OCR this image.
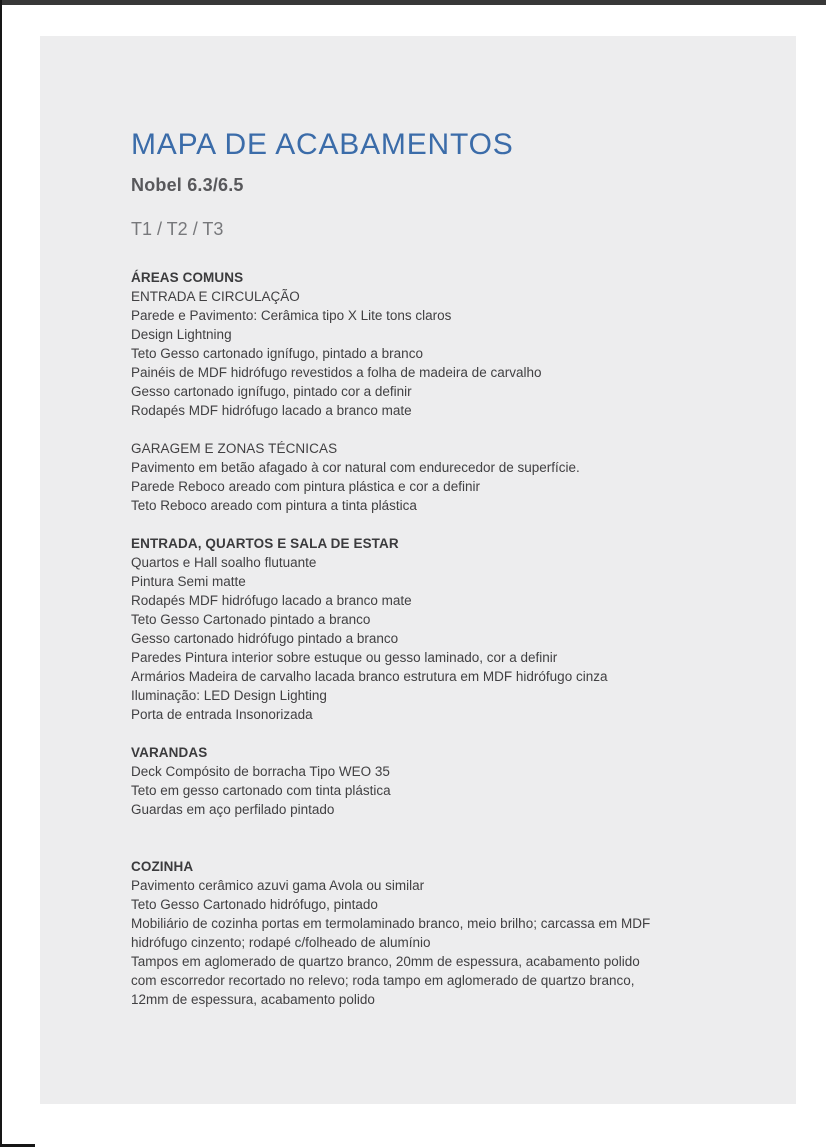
MAPA DE ACABAMENTOS
Nobel 6.3/6.5
T1 / T2 / T3
ÁREAS COMUNS
ENTRADA E CIRCULAÇÃO
Parede e Pavimento: Cerâmica tipo X Lite tons claros
Design Lightning
Teto Gesso cartonado ignífugo, pintado a branco
Painéis de MDF hidrófugo revestidos a folha de madeira de carvalho
Gesso cartonado ignífugo, pintado cor a definir
Rodapés MDF hidrófugo lacado a branco mate
GARAGEM E ZONAS TÉCNICAS
Pavimento em betão afagado à cor natural com endurecedor de superfície.
Parede Reboco areado com pintura plástica e cor a definir
Teto Reboco areado com pintura a tinta plástica
ENTRADA, QUARTOS E SALA DE ESTAR
Quartos e Hall soalho flutuante
Pintura Semi matte
Rodapés MDF hidrófugo lacado a branco mate
Teto Gesso Cartonado pintado a branco
Gesso cartonado hidrófugo pintado a branco
Paredes Pintura interior sobre estuque ou gesso laminado, cor a definir
Armários Madeira de carvalho lacada branco estrutura em MDF hidrófugo cinza
Iluminação: LED Design Lighting
Porta de entrada Insonorizada
VARANDAS
Deck Compósito de borracha Tipo WEO 35
Teto em gesso cartonado com tinta plástica
Guardas em aço perfilado pintado
COZINHA
Pavimento cerâmico azuvi gama Avola ou similar
Teto Gesso Cartonado hidrófugo, pintado
Mobiliário de cozinha portas em termolaminado branco, meio brilho; carcassa em MDF
hidrófugo cinzento; rodapé c/folheado de alumínio
Tampos em aglomerado de quartzo branco, 20mm de espessura, acabamento polido
com escorredor recortado no relevo; roda tampo em aglomerado de quartzo branco,
12mm de espessura, acabamento polido
